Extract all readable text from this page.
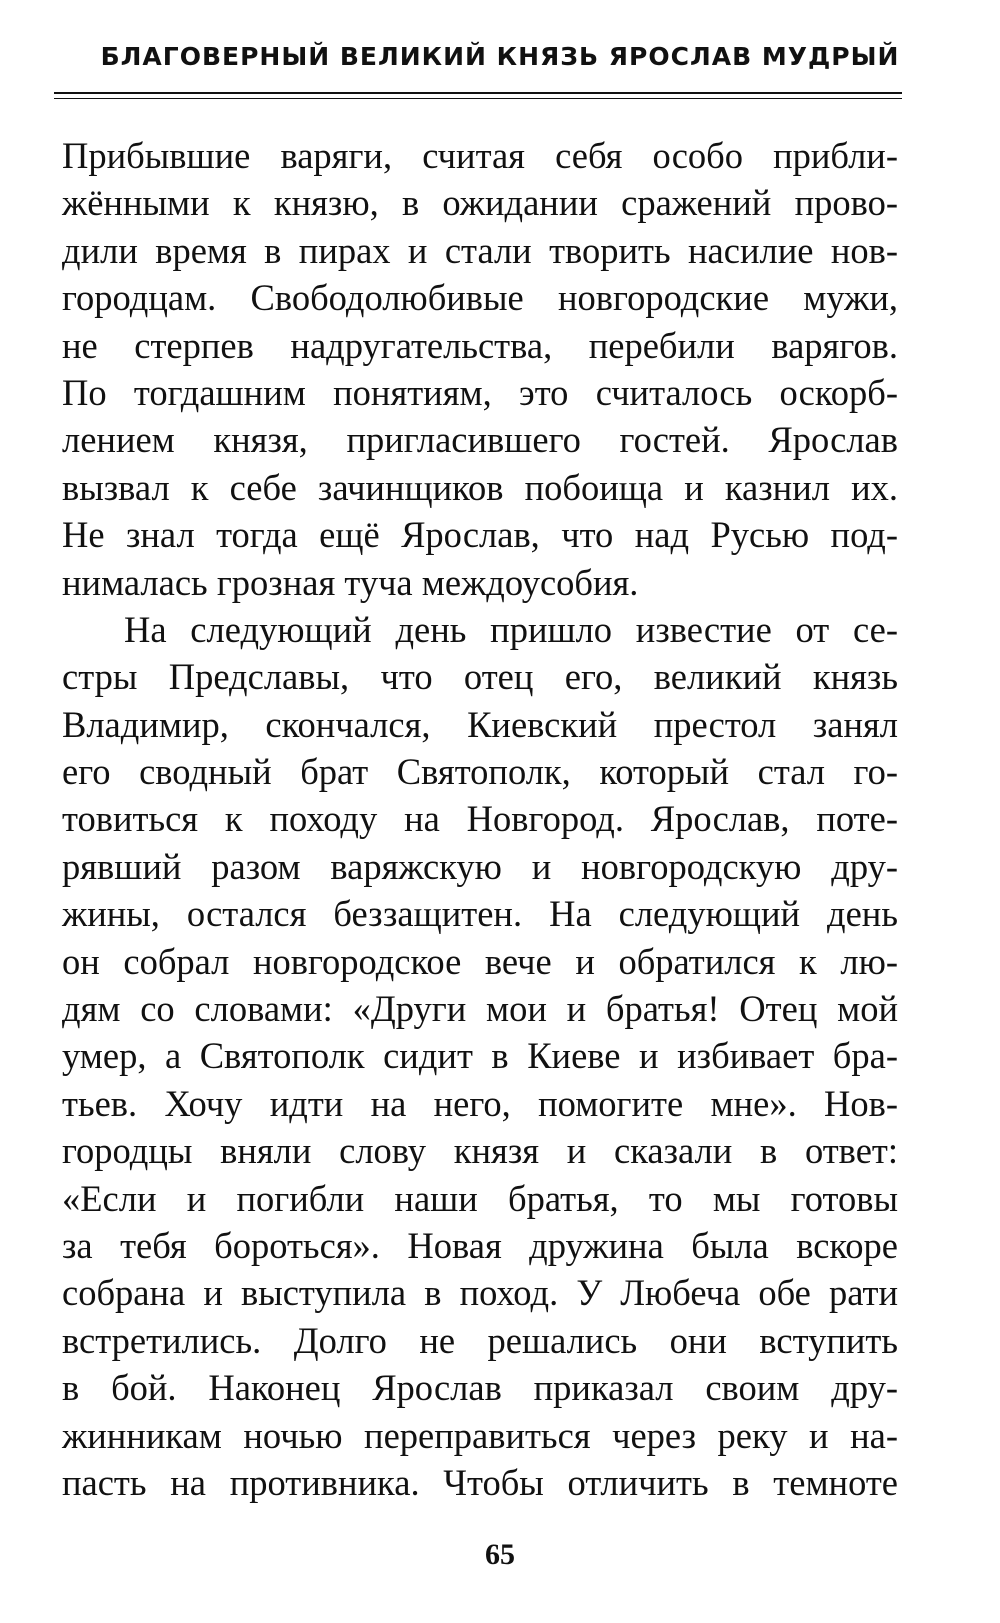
БЛАГОВЕРНЫЙ ВЕЛИКИЙ КНЯЗЬ ЯРОСЛАВ МУДРЫЙ
Прибывшие варяги, считая себя особо прибли-
жёнными к князю, в ожидании сражений прово-
дили время в пирах и стали творить насилие нов-
городцам. Свободолюбивые новгородские мужи,
не стерпев надругательства, перебили варягов.
По тогдашним понятиям, это считалось оскорб-
лением князя, пригласившего гостей. Ярослав
вызвал к себе зачинщиков побоища и казнил их.
Не знал тогда ещё Ярослав, что над Русью под-
нималась грозная туча междоусобия.
На следующий день пришло известие от се-
стры Предславы, что отец его, великий князь
Владимир, скончался, Киевский престол занял
его сводный брат Святополк, который стал го-
товиться к походу на Новгород. Ярослав, поте-
рявший разом варяжскую и новгородскую дру-
жины, остался беззащитен. На следующий день
он собрал новгородское вече и обратился к лю-
дям со словами: «Други мои и братья! Отец мой
умер, а Святополк сидит в Киеве и избивает бра-
тьев. Хочу идти на него, помогите мне». Нов-
городцы вняли слову князя и сказали в ответ:
«Если и погибли наши братья, то мы готовы
за тебя бороться». Новая дружина была вскоре
собрана и выступила в поход. У Любеча обе рати
встретились. Долго не решались они вступить
в бой. Наконец Ярослав приказал своим дру-
жинникам ночью переправиться через реку и на-
пасть на противника. Чтобы отличить в темноте
65
